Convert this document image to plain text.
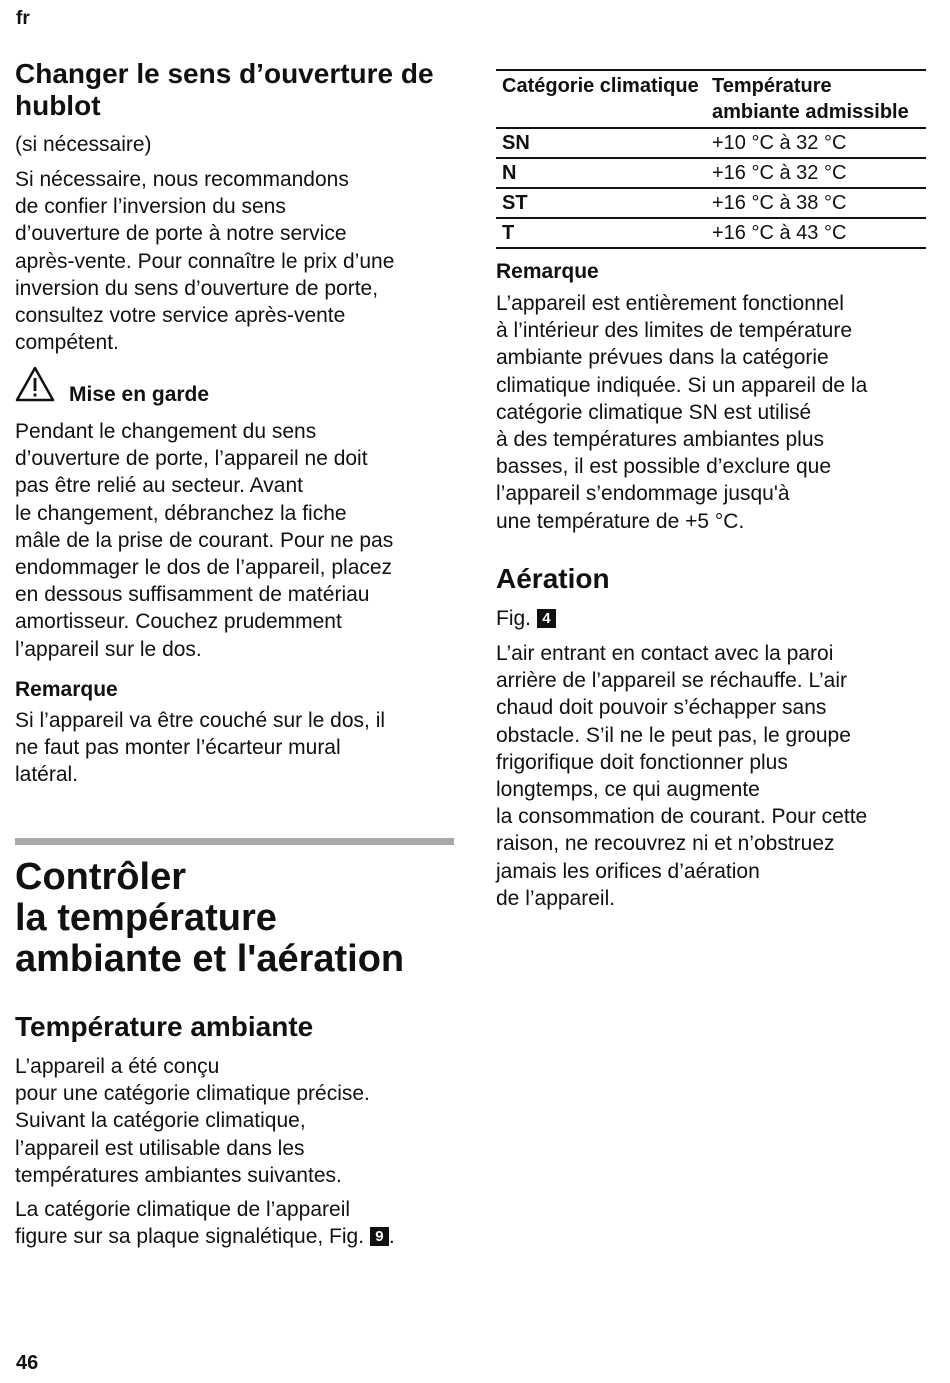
fr
Changer le sens d’ouverture de
hublot
(si nécessaire)

Si nécessaire, nous recommandons
de confier l’inversion du sens
d’ouverture de porte à notre service
après-vente. Pour connaître le prix d’une
inversion du sens d’ouverture de porte,
consultez votre service après-vente
compétent.

Mise en garde

Pendant le changement du sens
d’ouverture de porte, l’appareil ne doit
pas être relié au secteur. Avant
le changement, débranchez la fiche
mâle de la prise de courant. Pour ne pas
endommager le dos de l’appareil, placez
en dessous suffisamment de matériau
amortisseur. Couchez prudemment
l’appareil sur le dos.

Remarque

Si l’appareil va être couché sur le dos, il
ne faut pas monter l’écarteur mural
latéral.

Contrôler
la température
ambiante et l'aération
Température ambiante

L’appareil a été conçu
pour une catégorie climatique précise.
Suivant la catégorie climatique,
l’appareil est utilisable dans les
températures ambiantes suivantes.

La catégorie climatique de l’appareil
figure sur sa plaque signalétique, Fig. 9 .

Catégorie climatique	Température ambiante admissible
SN	+10 °C à 32 °C
N	+16 °C à 32 °C
ST	+16 °C à 38 °C
T	+16 °C à 43 °C
Remarque

L’appareil est entièrement fonctionnel
à l’intérieur des limites de température
ambiante prévues dans la catégorie
climatique indiquée. Si un appareil de la
catégorie climatique SN est utilisé
à des températures ambiantes plus
basses, il est possible d’exclure que
l’appareil s’endommage jusqu'à
une température de +5 °C.

Aération
Fig. 4

L’air entrant en contact avec la paroi
arrière de l’appareil se réchauffe. L’air
chaud doit pouvoir s’échapper sans
obstacle. S’il ne le peut pas, le groupe
frigorifique doit fonctionner plus
longtemps, ce qui augmente
la consommation de courant. Pour cette
raison, ne recouvrez ni et n’obstruez
jamais les orifices d’aération
de l’appareil.

46
